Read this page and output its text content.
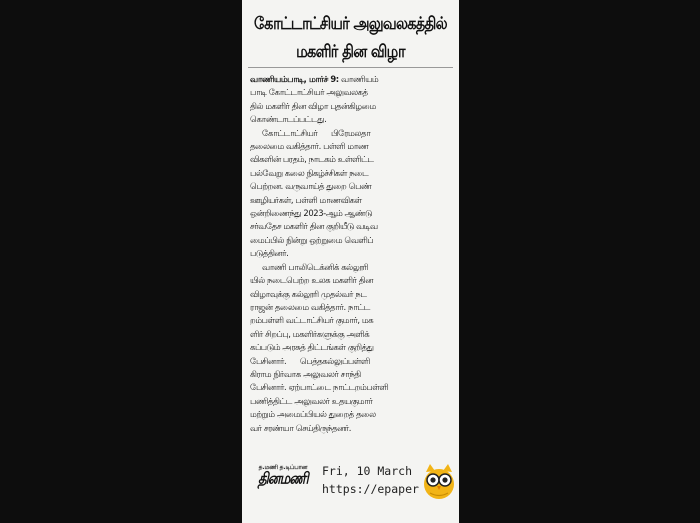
கோட்டாட்சியர் அலுவலகத்தில்
மகளிர் தின விழா
வாணியம்பாடி, மார்ச் 9: வாணியம்
பாடி கோட்டாட்சியர் அலுவலகத்
தில் மகளிர் தின விழா புதன்கிழமை
கொண்டாடப்பட்டது.
கோட்டாட்சியர்      பிரேமலதா
தலைமை வகித்தார். பள்ளி மாண
விகளின் பரதம், நாடகம் உள்ளிட்ட
பல்வேறு கலை நிகழ்ச்சிகள் நடை
பெற்றன. வருவாய்த் துறை பெண்
ஊழியர்கள், பள்ளி மாணவிகள்
ஒன்றிணைந்து 2023-ஆம் ஆண்டு
சர்வதேச மகளிர் தின குறியீடு வடிவ
மைப்பில் நின்று ஒற்றுமை வெளிப்
படுத்தினர்.
வாணி பாலிடெக்னிக் கல்லூரி
யில் நடைபெற்ற உலக மகளிர் தின
விழாவுக்கு கல்லூரி முதல்வர் நட
ராஜன் தலைமை வகித்தார். நாட்ட
றம்பள்ளி வட்டாட்சியர் குமார், மக
ளிர் சிறப்பு, மகளிர்களுக்கு அளிக்
கப்படும் அரசுத் திட்டங்கள் குறித்து
பேசினார்.      பெத்தகல்லுப்பள்ளி
கிராம நிர்வாக அலுவலர் சாந்தி
பேசினார். ஏற்பாட்டை நாட்டறம்பள்ளி
பணித்திட்ட அலுவலர் உதயகுமார்
மற்றும் அமைப்பியல் துறைத் தலை
வர் சரண்யா செய்திருந்தனர்.
த.மணி த.டிப்பான
தினமணி	Fri, 10 March
https://epaper
